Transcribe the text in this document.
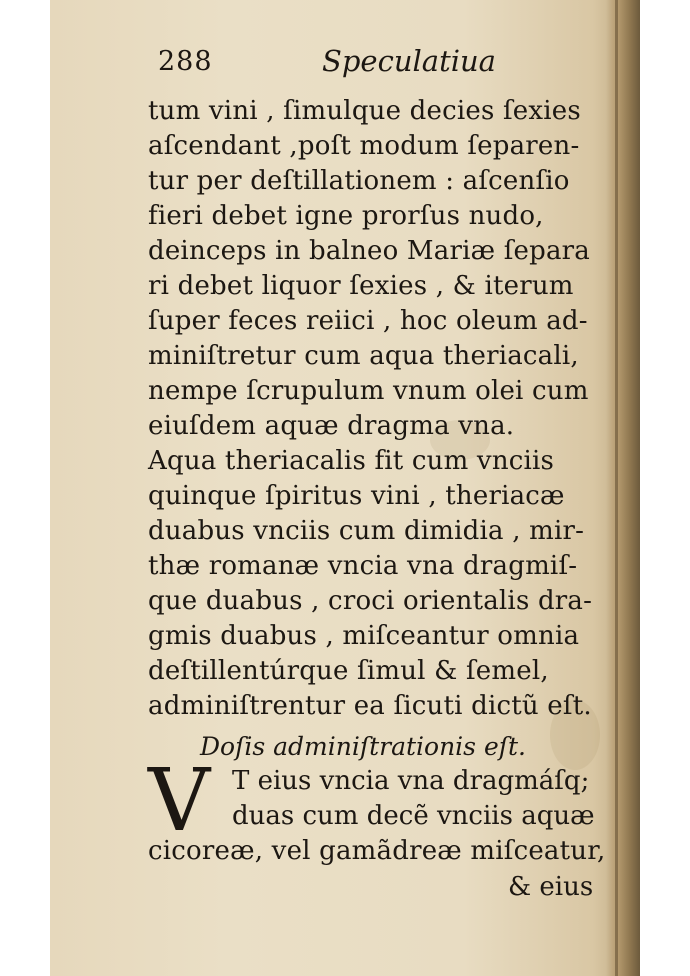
288	Speculatiua
tum vini , ſimulque decies ſexies
aſcendant ,poſt modum ſeparen-
tur per deſtillationem : aſcenſio
fieri debet igne prorſus nudo,
deinceps in balneo Mariæ ſepara
ri debet liquor ſexies , & iterum
ſuper feces reiici , hoc oleum ad-
miniſtretur cum aqua theriacali,
nempe ſcrupulum vnum olei cum
eiuſdem aquæ dragma vna.
Aqua theriacalis fit cum vnciis
quinque ſpiritus vini , theriacæ
duabus vnciis cum dimidia , mir-
thæ romanæ vncia vna dragmiſ-
que duabus , croci orientalis dra-
gmis duabus , miſceantur omnia
deſtillentúrque ſimul & ſemel,
adminiſtrentur ea ſicuti dictũ eſt.
Doſis adminiſtrationis eſt.
V T eius vncia vna dragmáſq;
duas cum decẽ vnciis aquæ
cicoreæ, vel gamãdreæ miſceatur,
& eius
